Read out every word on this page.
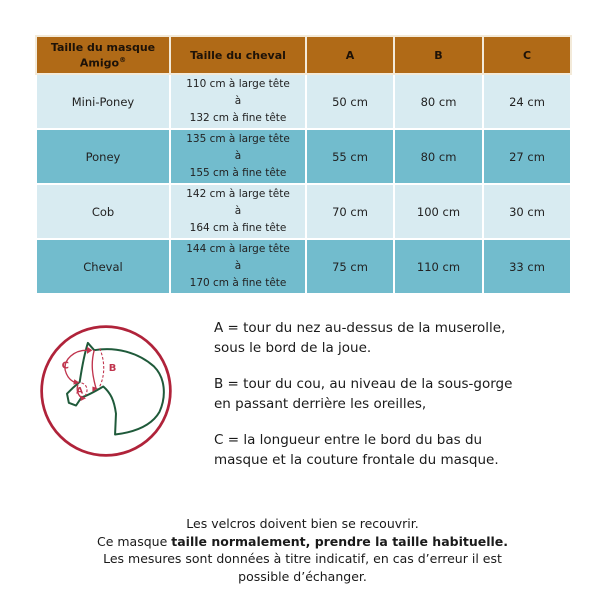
Taille du masque
Amigo®	Taille du cheval	A	B	C
Mini-Poney	110 cm à large tête
à
132 cm à fine tête	50 cm	80 cm	24 cm
Poney	135 cm à large tête
à
155 cm à fine tête	55 cm	80 cm	27 cm
Cob	142 cm à large tête
à
164 cm à fine tête	70 cm	100 cm	30 cm
Cheval	144 cm à large tête
à
170 cm à fine tête	75 cm	110 cm	33 cm
C	B
A

A = tour du nez au-dessus de la muserolle,
sous le bord de la joue.

B = tour du cou, au niveau de la sous-gorge
en passant derrière les oreilles,

C = la longueur entre le bord du bas du
masque et la couture frontale du masque.

Les velcros doivent bien se recouvrir.
Ce masque taille normalement, prendre la taille habituelle.
Les mesures sont données à titre indicatif, en cas d’erreur il est
possible d’échanger.
